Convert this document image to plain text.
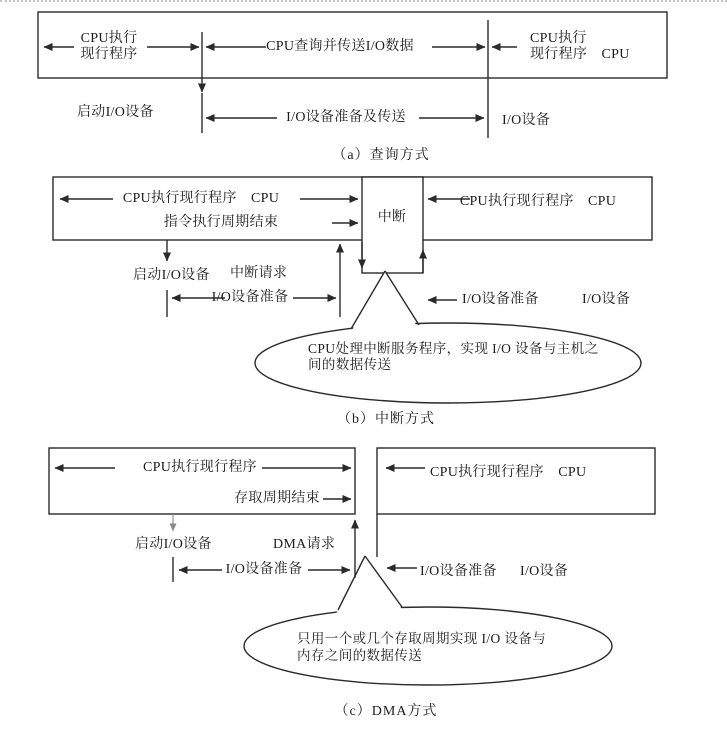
CPU执行
现行程序
CPU查询并传送I/O数据
CPU执行
现行程序　CPU
启动I/O设备	I/O设备准备及传送	I/O设备
（a）查询方式
CPU执行现行程序　CPU
指令执行周期结束	中断
CPU执行现行程序　CPU
启动I/O设备 中断请求
I/O设备准备	I/O设备准备	I/O设备
CPU处理中断服务程序，实现 I/O 设备与主机之
间的数据传送
（b）中断方式
CPU执行现行程序
存取周期结束
CPU执行现行程序　CPU
启动I/O设备	DMA请求
I/O设备准备	I/O设备准备 I/O设备
只用一个或几个存取周期实现 I/O 设备与
内存之间的数据传送
（c）DMA方式
